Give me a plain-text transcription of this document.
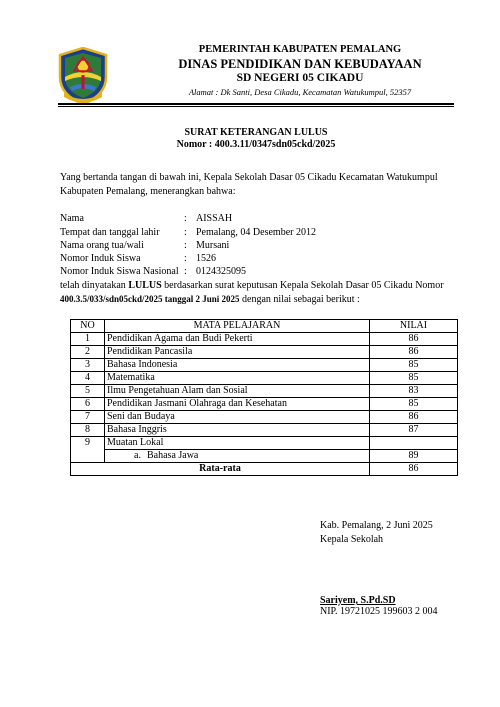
PEMERINTAH KABUPATEN PEMALANG
DINAS PENDIDIKAN DAN KEBUDAYAAN
SD NEGERI 05 CIKADU
Alamat : Dk Santi, Desa Cikadu, Kecamatan Watukumpul, 52357
SURAT KETERANGAN LULUS
Nomor : 400.3.11/0347sdn05ckd/2025
Yang bertanda tangan di bawah ini, Kepala Sekolah Dasar 05 Cikadu Kecamatan Watukumpul
Kabupaten Pemalang, menerangkan bahwa:
Nama	: AISSAH
Tempat dan tanggal lahir : Pemalang, 04 Desember 2012
Nama orang tua/wali	: Mursani
Nomor Induk Siswa	: 1526
Nomor Induk Siswa Nasional : 0124325095
telah dinyatakan LULUS berdasarkan surat keputusan Kepala Sekolah Dasar 05 Cikadu Nomor
400.3.5/033/sdn05ckd/2025 tanggal 2 Juni 2025 dengan nilai sebagai berikut :
NO	MATA PELAJARAN	NILAI
1	Pendidikan Agama dan Budi Pekerti	86
2	Pendidikan Pancasila	86
3	Bahasa Indonesia	85
4	Matematika	85
5	Ilmu Pengetahuan Alam dan Sosial	83
6	Pendidikan Jasmani Olahraga dan Kesehatan	85
7	Seni dan Budaya	86
8	Bahasa Inggris	87
9	Muatan Lokal	
	a. Bahasa Jawa	89
Rata-rata		86
Kab. Pemalang, 2 Juni 2025
Kepala Sekolah
Sariyem, S.Pd.SD
NIP. 19721025 199603 2 004
